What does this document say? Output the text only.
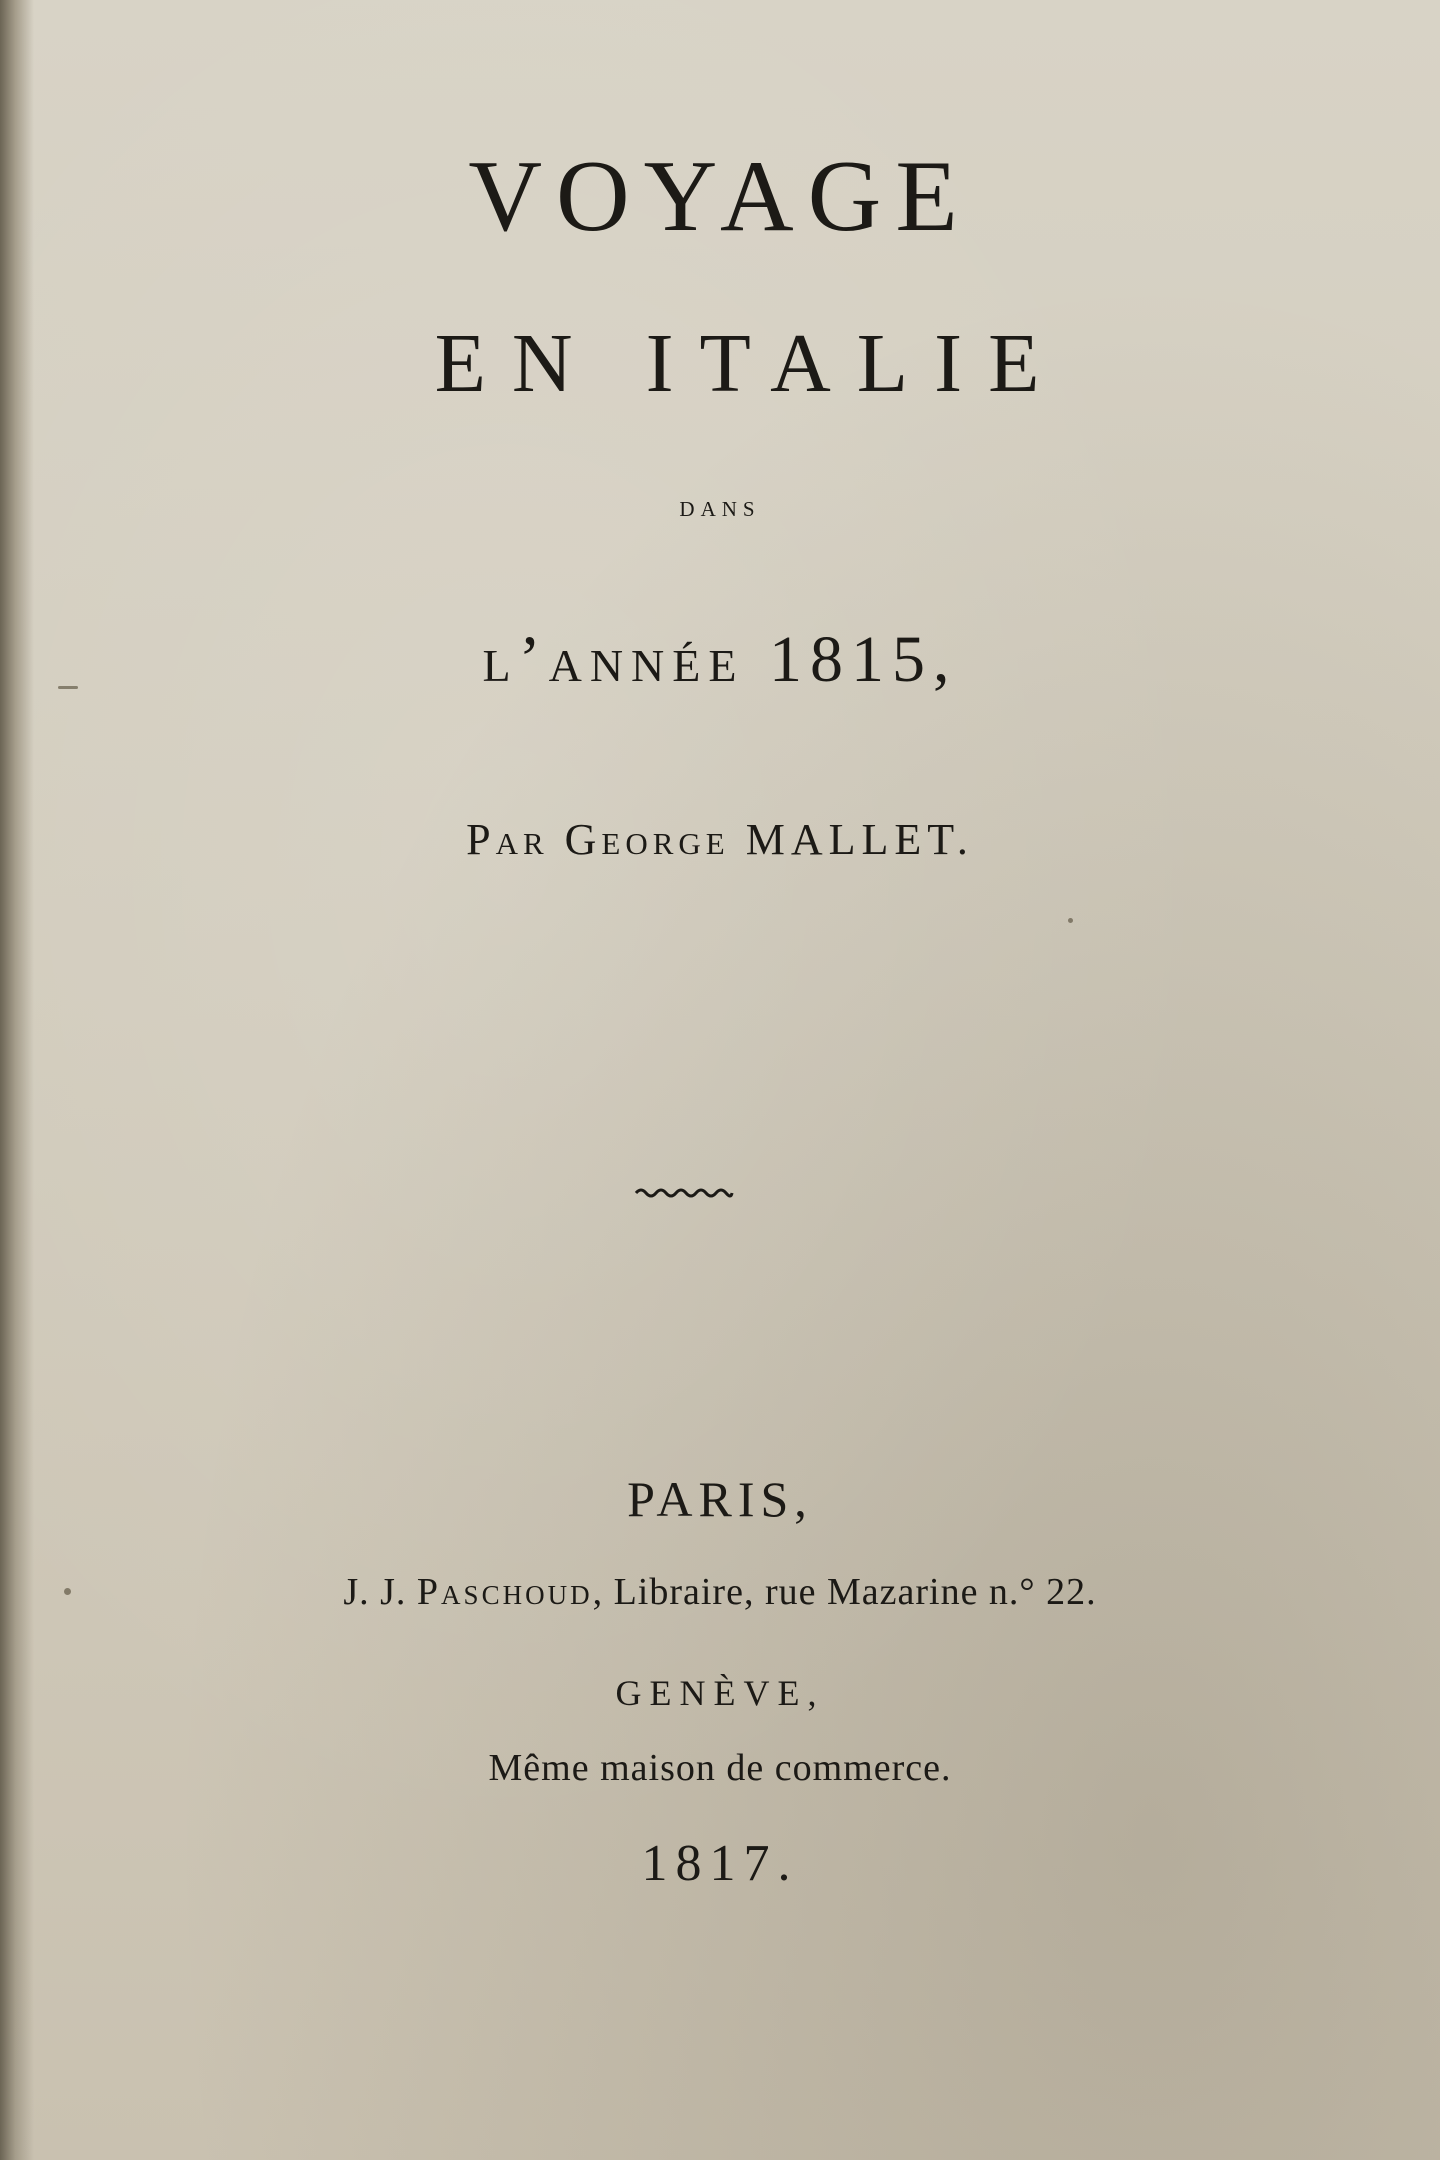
VOYAGE
EN ITALIE
dans
l’année 1815,
Par George MALLET.
PARIS,
J. J. Paschoud, Libraire, rue Mazarine n.° 22.
GENÈVE,
Même maison de commerce.
1817.
